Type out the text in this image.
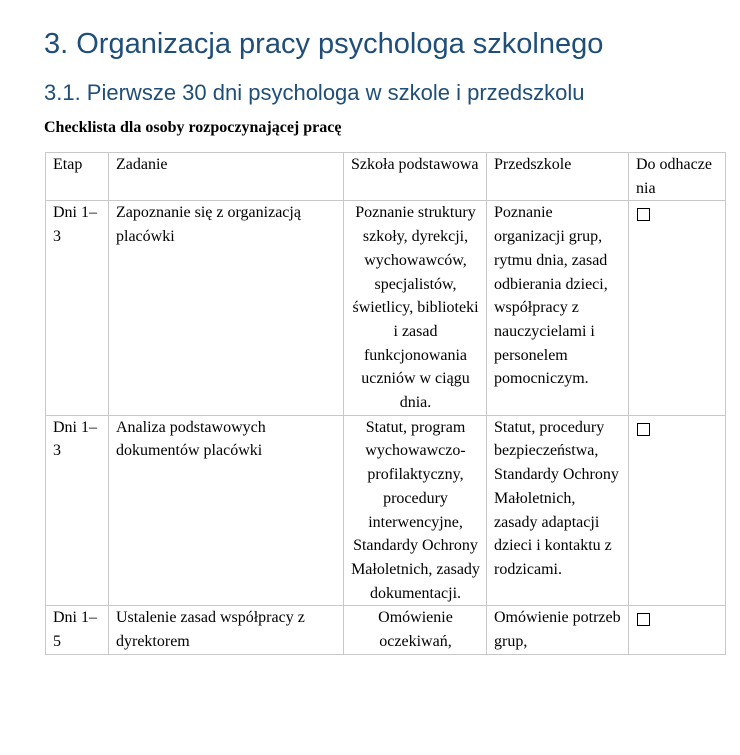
3. Organizacja pracy psychologa szkolnego
3.1. Pierwsze 30 dni psychologa w szkole i przedszkolu

Checklista dla osoby rozpoczynającej pracę

Etap	Zadanie	Szkoła podstawowa	Przedszkole	Do odhaczenia
Dni 1–3	Zapoznanie się z organizacją placówki	Poznanie struktury szkoły, dyrekcji, wychowawców, specjalistów, świetlicy, biblioteki i zasad funkcjonowania uczniów w ciągu dnia.	Poznanie organizacji grup, rytmu dnia, zasad odbierania dzieci, współpracy z nauczycielami i personelem pomocniczym.	
Dni 1–3	Analiza podstawowych dokumentów placówki	Statut, program wychowawczo-profilaktyczny, procedury interwencyjne, Standardy Ochrony Małoletnich, zasady dokumentacji.	Statut, procedury bezpieczeństwa, Standardy Ochrony Małoletnich, zasady adaptacji dzieci i kontaktu z rodzicami.	
Dni 1–5	Ustalenie zasad współpracy z dyrektorem	Omówienie oczekiwań,	Omówienie potrzeb grup,	
